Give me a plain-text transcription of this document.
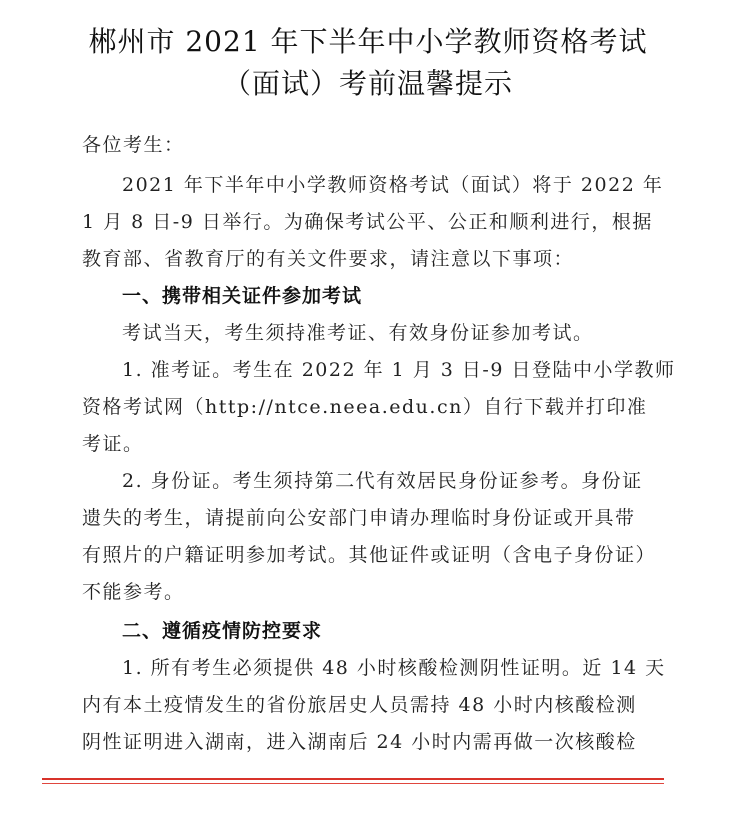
郴州市 2021 年下半年中小学教师资格考试
（面试）考前温馨提示
各位考生：
2021 年下半年中小学教师资格考试（面试）将于 2022 年
1 月 8 日-9 日举行。为确保考试公平、公正和顺利进行，根据
教育部、省教育厅的有关文件要求，请注意以下事项：
一、携带相关证件参加考试
考试当天，考生须持准考证、有效身份证参加考试。
1. 准考证。考生在 2022 年 1 月 3 日-9 日登陆中小学教师
资格考试网（http://ntce.neea.edu.cn）自行下载并打印准
考证。
2. 身份证。考生须持第二代有效居民身份证参考。身份证
遗失的考生，请提前向公安部门申请办理临时身份证或开具带
有照片的户籍证明参加考试。其他证件或证明（含电子身份证）
不能参考。
二、遵循疫情防控要求
1. 所有考生必须提供 48 小时核酸检测阴性证明。近 14 天
内有本土疫情发生的省份旅居史人员需持 48 小时内核酸检测
阴性证明进入湖南，进入湖南后 24 小时内需再做一次核酸检
